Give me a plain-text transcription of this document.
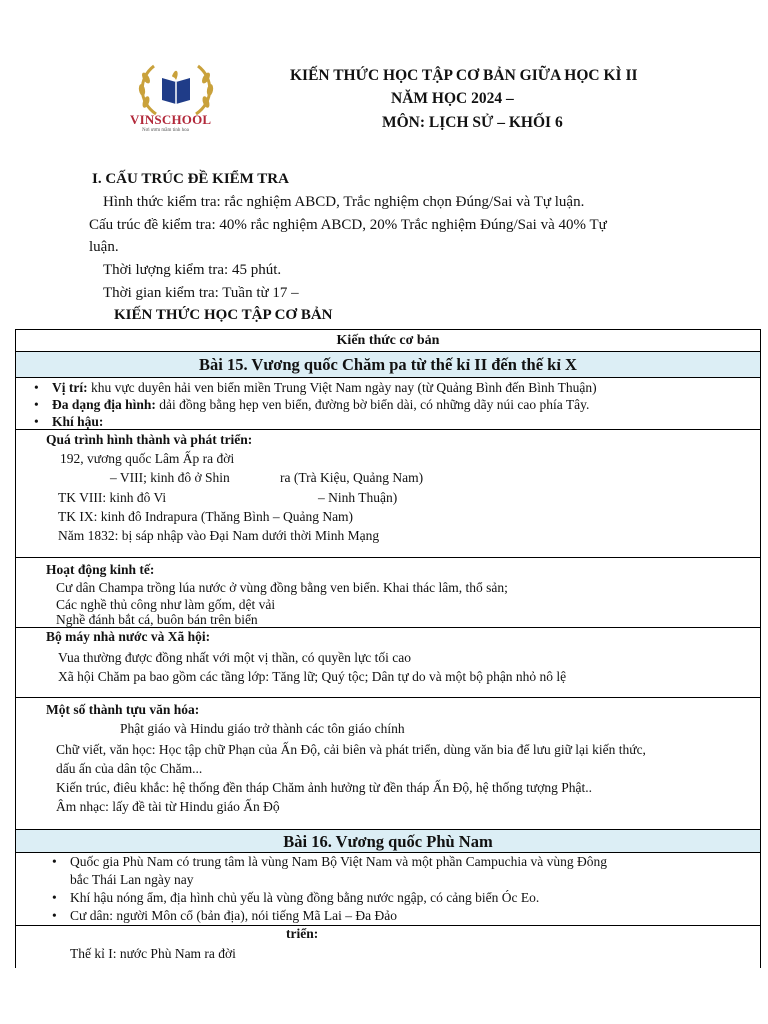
VINSCHOOL
Nơi ươm mầm tinh hoa
KIẾN THỨC HỌC TẬP CƠ BẢN GIỮA HỌC KÌ II
NĂM HỌC 2024 –
MÔN: LỊCH SỬ – KHỐI 6
I. CẤU TRÚC ĐỀ KIỂM TRA
Hình thức kiểm tra: rắc nghiệm ABCD, Trắc nghiệm chọn Đúng/Sai và Tự luận.
Cấu trúc đề kiểm tra: 40% rắc nghiệm ABCD, 20% Trắc nghiệm Đúng/Sai và 40% Tự
luận.
Thời lượng kiểm tra: 45 phút.
Thời gian kiểm tra: Tuần từ 17 –
KIẾN THỨC HỌC TẬP CƠ BẢN
Kiến thức cơ bản
Bài 15. Vương quốc Chăm pa từ thế kỉ II đến thế kỉ X
• Vị trí: khu vực duyên hải ven biển miền Trung Việt Nam ngày nay (từ Quảng Bình đến Bình Thuận)
• Đa dạng địa hình: dải đồng bằng hẹp ven biển, đường bờ biển dài, có những dãy núi cao phía Tây.
• Khí hậu:
Quá trình hình thành và phát triển:
192, vương quốc Lâm Ấp ra đời
– VIII; kinh đô ở Shin	ra (Trà Kiệu, Quảng Nam)
TK VIII: kinh đô Vi	– Ninh Thuận)
TK IX: kinh đô Indrapura (Thăng Bình – Quảng Nam)
Năm 1832: bị sáp nhập vào Đại Nam dưới thời Minh Mạng
Hoạt động kinh tế:
Cư dân Champa trồng lúa nước ở vùng đồng bằng ven biển. Khai thác lâm, thổ sản;
Các nghề thủ công như làm gốm, dệt vải
Nghề đánh bắt cá, buôn bán trên biển
Bộ máy nhà nước và Xã hội:
Vua thường được đồng nhất với một vị thần, có quyền lực tối cao
Xã hội Chăm pa bao gồm các tầng lớp: Tăng lữ; Quý tộc; Dân tự do và một bộ phận nhỏ nô lệ
Một số thành tựu văn hóa:
Phật giáo và Hindu giáo trở thành các tôn giáo chính
Chữ viết, văn học: Học tập chữ Phạn của Ấn Độ, cải biên và phát triển, dùng văn bia để lưu giữ lại kiến thức,
dấu ấn của dân tộc Chăm...
Kiến trúc, điêu khắc: hệ thống đền tháp Chăm ảnh hưởng từ đền tháp Ấn Độ, hệ thống tượng Phật..
Âm nhạc: lấy đề tài từ Hindu giáo Ấn Độ
Bài 16. Vương quốc Phù Nam
• Quốc gia Phù Nam có trung tâm là vùng Nam Bộ Việt Nam và một phần Campuchia và vùng Đông
bắc Thái Lan ngày nay
• Khí hậu nóng ẩm, địa hình chủ yếu là vùng đồng bằng nước ngập, có cảng biển Óc Eo.
• Cư dân: người Môn cổ (bản địa), nói tiếng Mã Lai – Đa Đảo
triển:
Thế kỉ I: nước Phù Nam ra đời
